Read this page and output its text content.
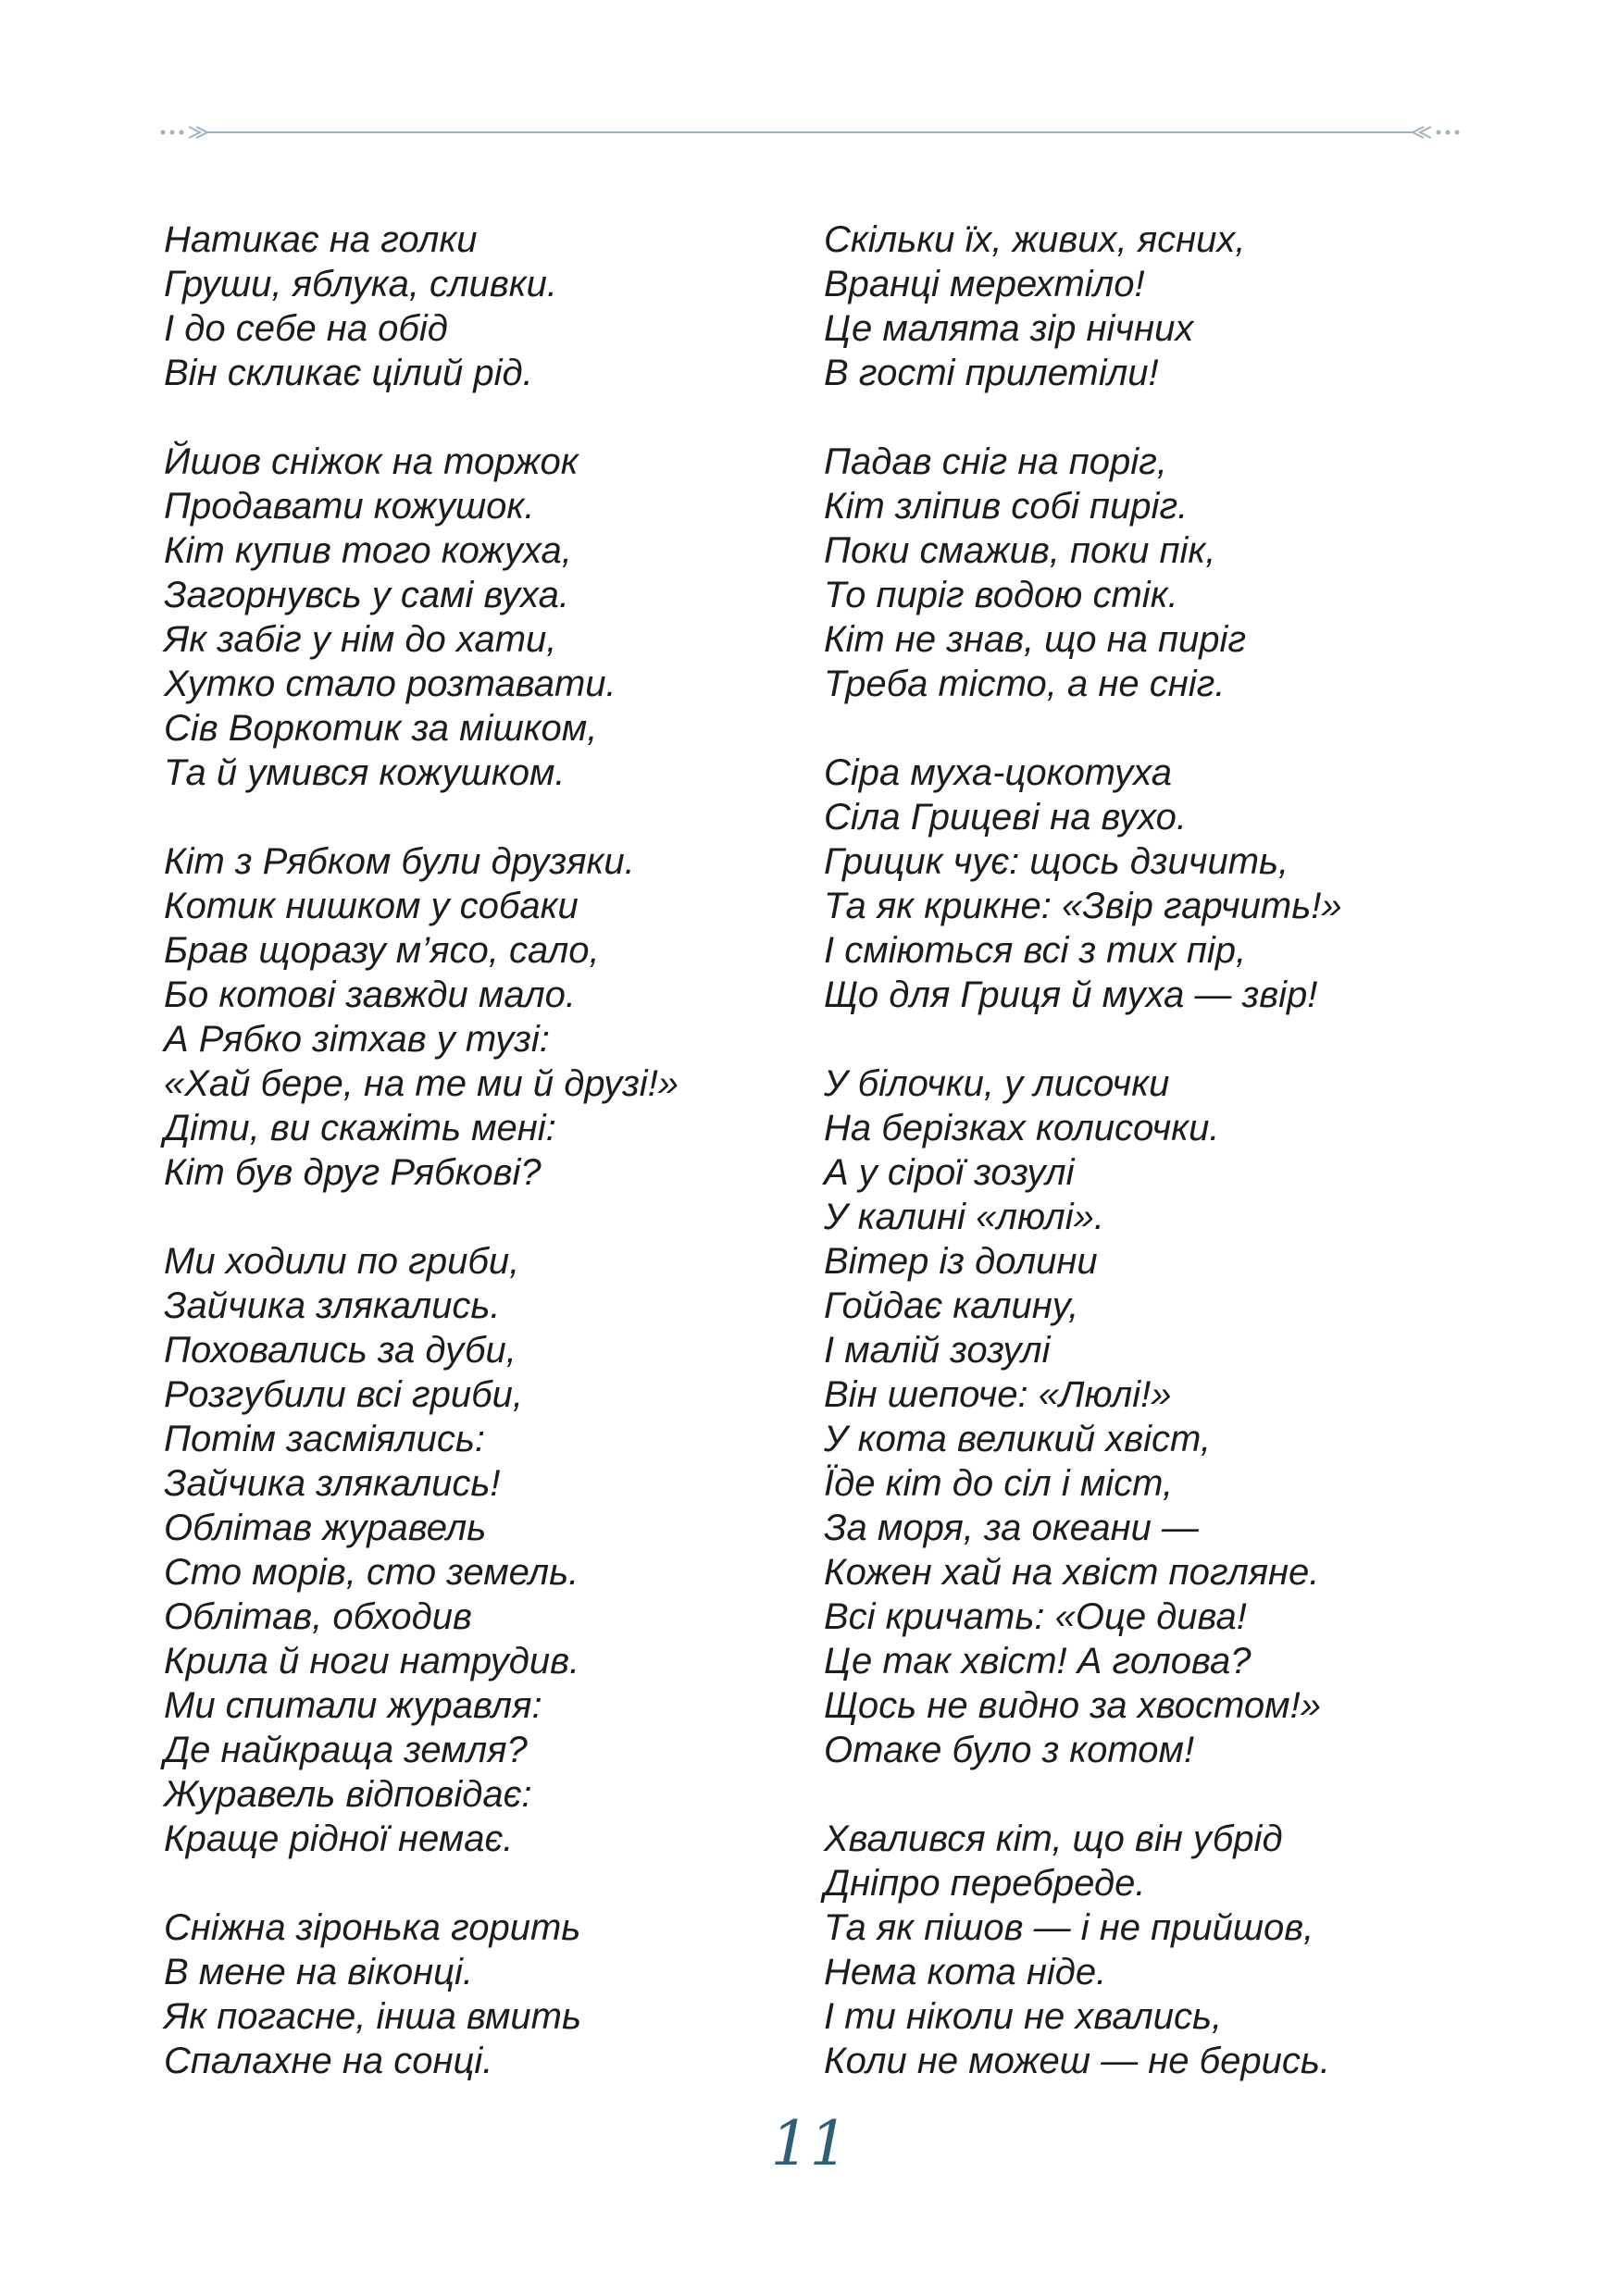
Натикає на голки
Груши, яблука, сливки.
І до себе на обід
Він скликає цілий рід.
Йшов сніжок на торжок
Продавати кожушок.
Кіт купив того кожуха,
Загорнувсь у самі вуха.
Як забіг у нім до хати,
Хутко стало розтавати.
Сів Воркотик за мішком,
Та й умився кожушком.
Кіт з Рябком були друзяки.
Котик нишком у собаки
Брав щоразу м’ясо, сало,
Бо котові завжди мало.
А Рябко зітхав у тузі:
«Хай бере, на те ми й друзі!»
Діти, ви скажіть мені:
Кіт був друг Рябкові?
Ми ходили по гриби,
Зайчика злякались.
Поховались за дуби,
Розгубили всі гриби,
Потім засміялись:
Зайчика злякались!
Облітав журавель
Сто морів, сто земель.
Облітав, обходив
Крила й ноги натрудив.
Ми спитали журавля:
Де найкраща земля?
Журавель відповідає:
Краще рідної немає.
Сніжна зіронька горить
В мене на віконці.
Як погасне, інша вмить
Спалахне на сонці.
Скільки їх, живих, ясних,
Вранці мерехтіло!
Це малята зір нічних
В гості прилетіли!
Падав сніг на поріг,
Кіт зліпив собі пиріг.
Поки смажив, поки пік,
То пиріг водою стік.
Кіт не знав, що на пиріг
Треба тісто, а не сніг.
Сіра муха-цокотуха
Сіла Грицеві на вухо.
Грицик чує: щось дзичить,
Та як крикне: «Звір гарчить!»
І сміються всі з тих пір,
Що для Гриця й муха — звір!
У білочки, у лисочки
На берізках колисочки.
А у сірої зозулі
У калині «люлі».
Вітер із долини
Гойдає калину,
І малій зозулі
Він шепоче: «Люлі!»
У кота великий хвіст,
Їде кіт до сіл і міст,
За моря, за океани —
Кожен хай на хвіст погляне.
Всі кричать: «Оце дива!
Це так хвіст! А голова?
Щось не видно за хвостом!»
Отаке було з котом!
Хвалився кіт, що він убрід
Дніпро перебреде.
Та як пішов — і не прийшов,
Нема кота ніде.
І ти ніколи не хвались,
Коли не можеш — не берись.
11
